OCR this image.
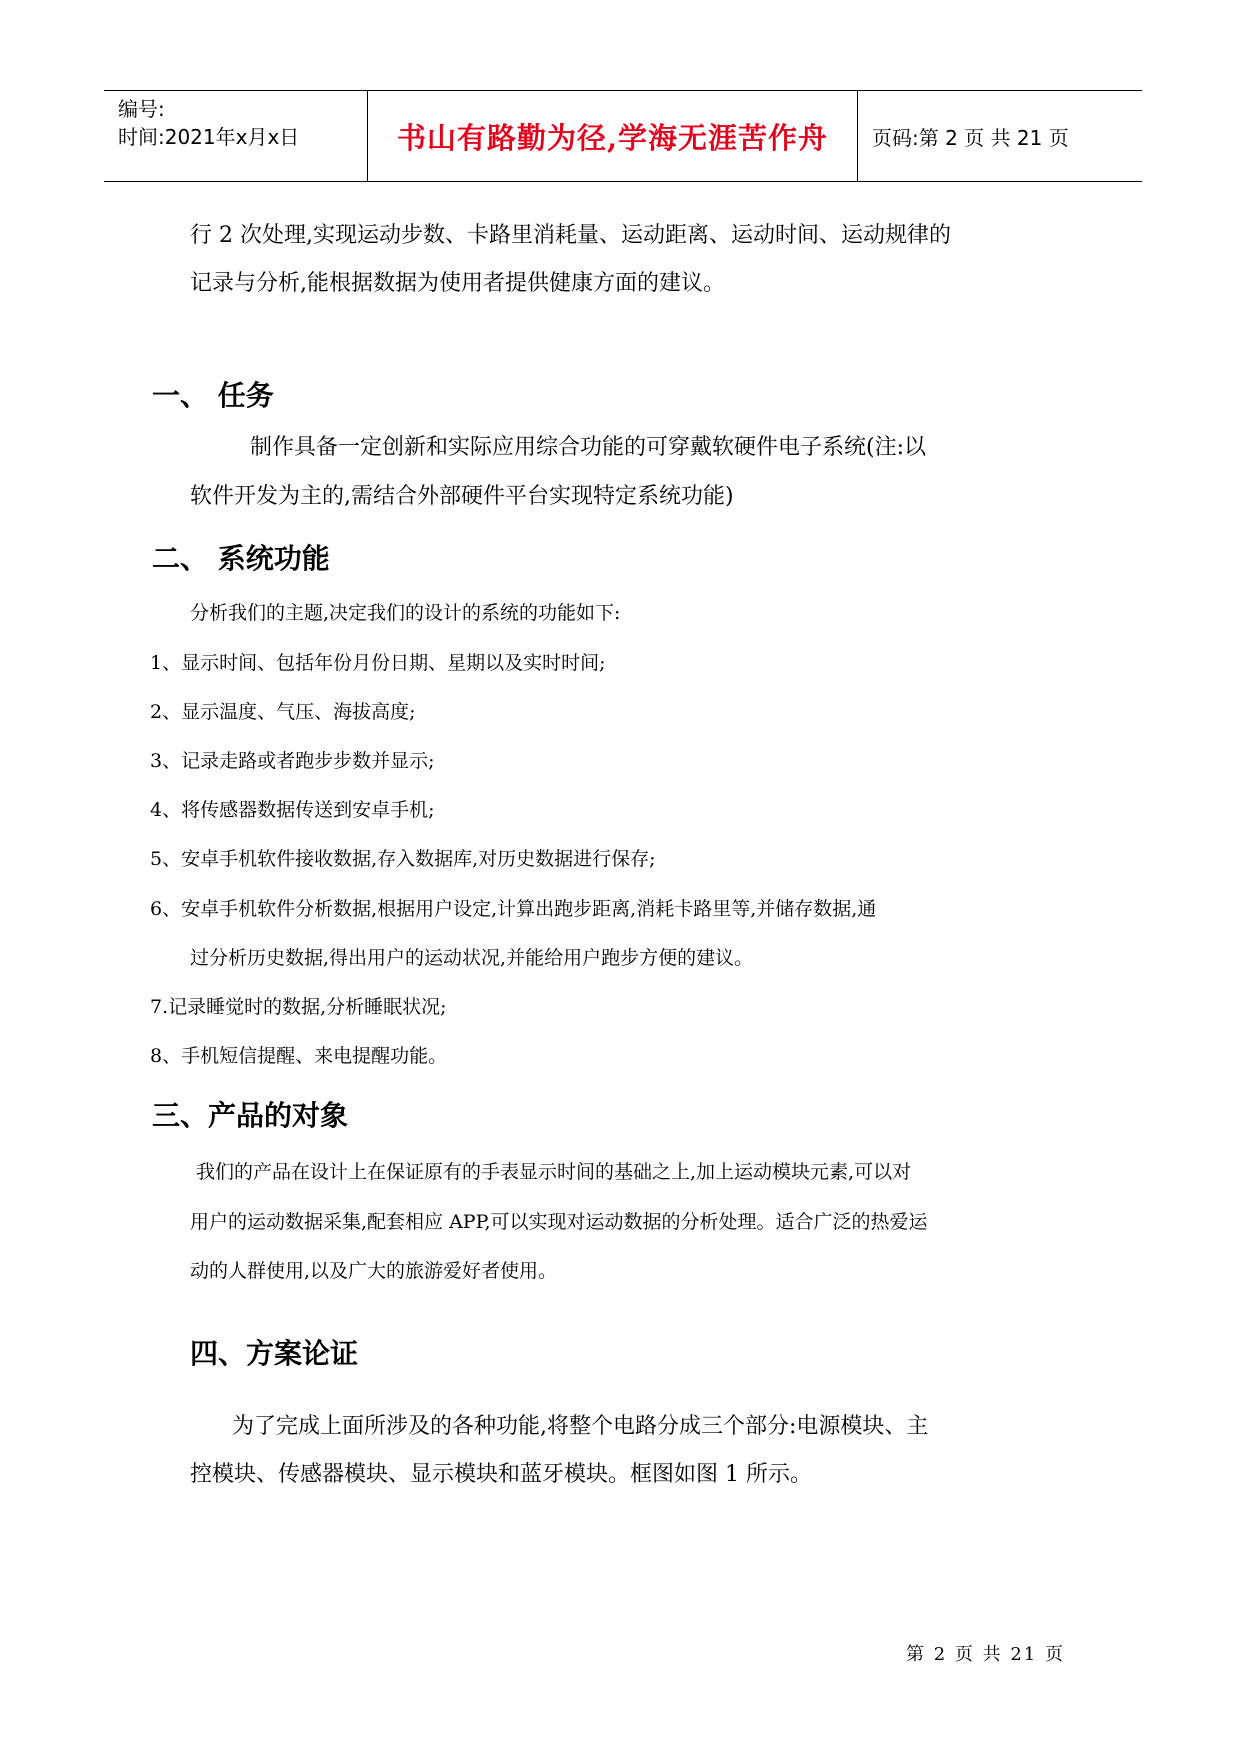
编号:
时间:2021年x月x日	书山有路勤为径,学海无涯苦作舟	页码:第 2 页 共 21 页
行 2 次处理,实现运动步数、卡路里消耗量、运动距离、运动时间、运动规律的
记录与分析,能根据数据为使用者提供健康方面的建议。
一、 任务
制作具备一定创新和实际应用综合功能的可穿戴软硬件电子系统(注:以
软件开发为主的,需结合外部硬件平台实现特定系统功能)
二、 系统功能
分析我们的主题,决定我们的设计的系统的功能如下:
1、显示时间、包括年份月份日期、星期以及实时时间;
2、显示温度、气压、海拔高度;
3、记录走路或者跑步步数并显示;
4、将传感器数据传送到安卓手机;
5、安卓手机软件接收数据,存入数据库,对历史数据进行保存;
6、安卓手机软件分析数据,根据用户设定,计算出跑步距离,消耗卡路里等,并储存数据,通
过分析历史数据,得出用户的运动状况,并能给用户跑步方便的建议。
7.记录睡觉时的数据,分析睡眠状况;
8、手机短信提醒、来电提醒功能。
三、产品的对象
我们的产品在设计上在保证原有的手表显示时间的基础之上,加上运动模块元素,可以对
用户的运动数据采集,配套相应 APP,可以实现对运动数据的分析处理。适合广泛的热爱运
动的人群使用,以及广大的旅游爱好者使用。
四、方案论证
为了完成上面所涉及的各种功能,将整个电路分成三个部分:电源模块、主
控模块、传感器模块、显示模块和蓝牙模块。框图如图 1 所示。
第 2 页 共 21 页
